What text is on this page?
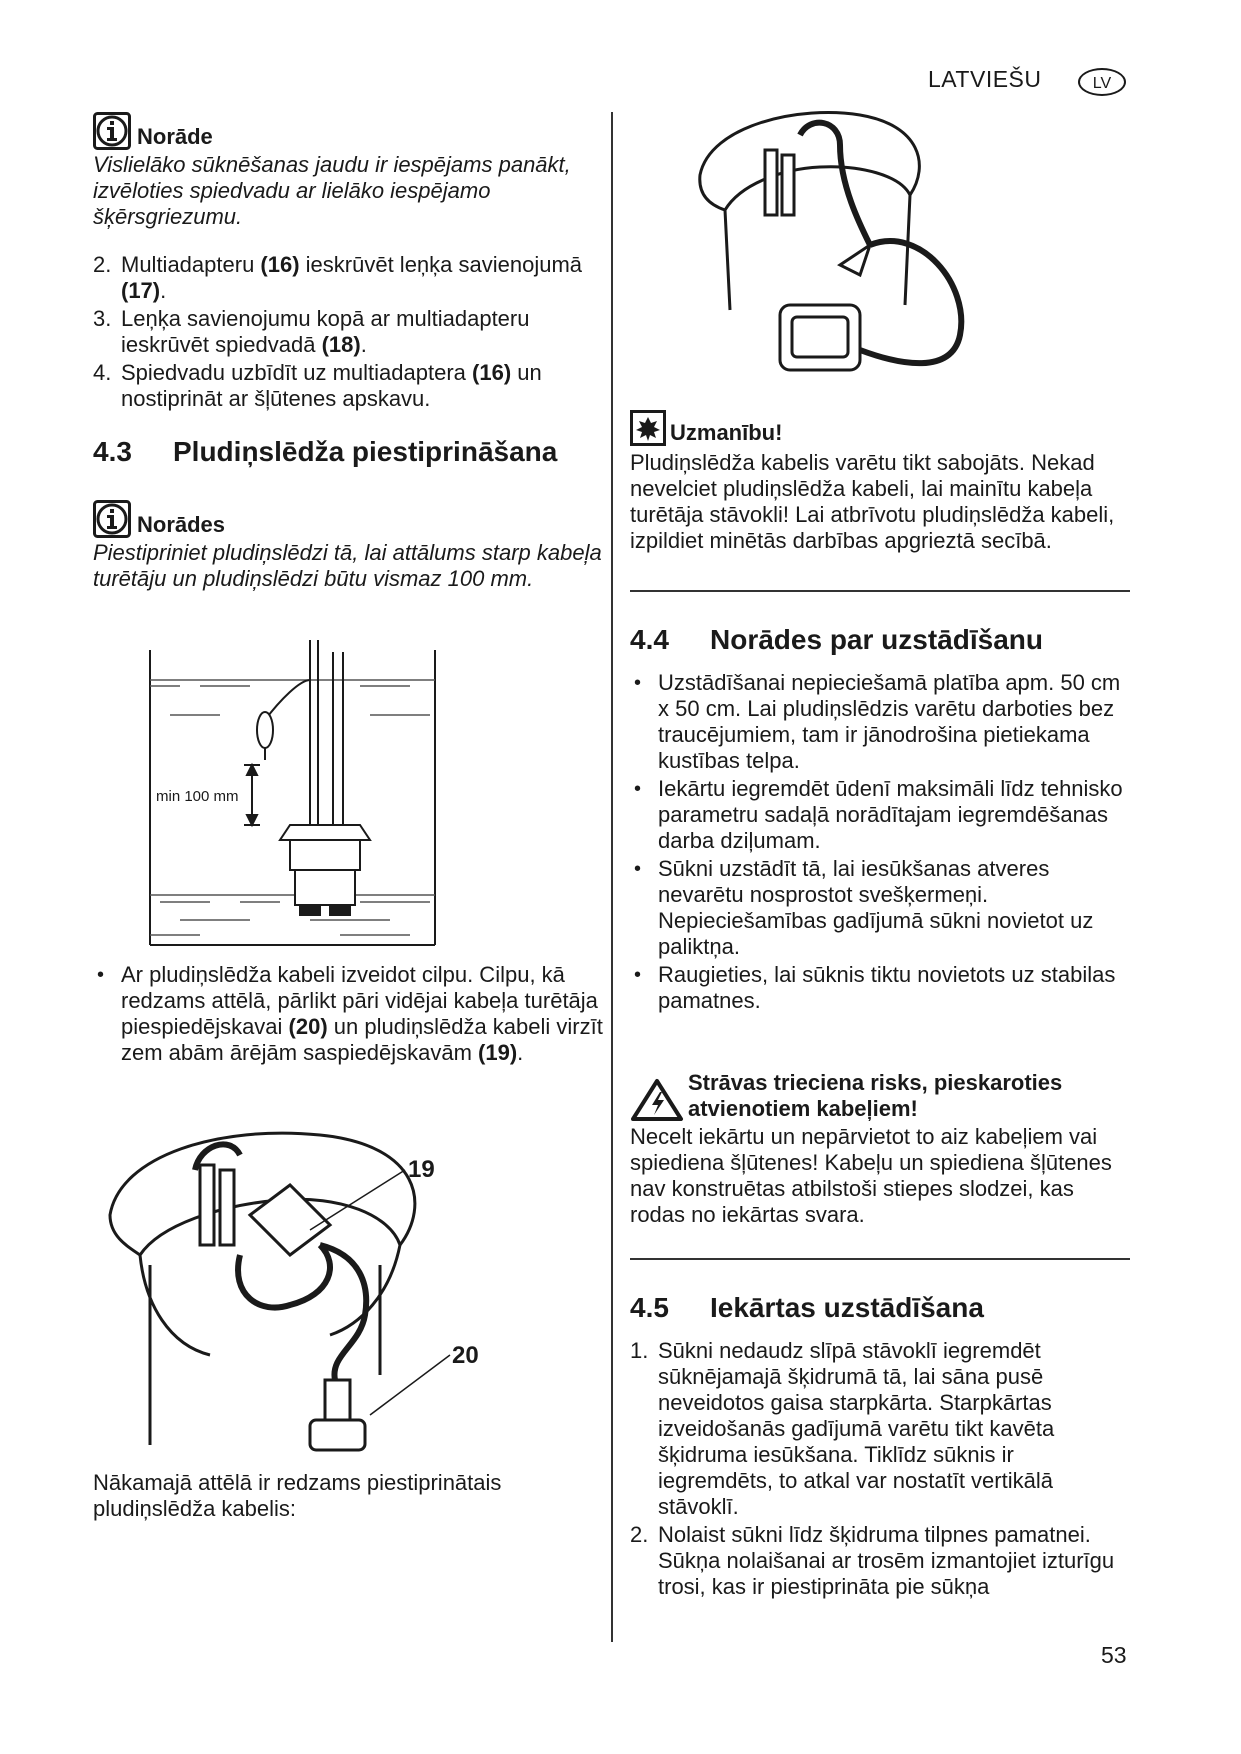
LATVIEŠU	LV
Norāde
Vislielāko sūknēšanas jaudu ir iespējams panākt, izvēloties spiedvadu ar lielāko iespējamo šķērsgriezumu.
2. Multiadapteru (16) ieskrūvēt leņķa savienojumā (17).
3. Leņķa savienojumu kopā ar multiadapteru ieskrūvēt spiedvadā (18).
4. Spiedvadu uzbīdīt uz multiadaptera (16) un nostiprināt ar šļūtenes apskavu.
4.3	Pludiņslēdža piestiprināšana
Norādes
Piestipriniet pludiņslēdzi tā, lai attālums starp kabeļa turētāju un pludiņslēdzi būtu vismaz 100 mm.
min 100 mm
• Ar pludiņslēdža kabeli izveidot cilpu. Cilpu, kā redzams attēlā, pārlikt pāri vidējai kabeļa turētāja piespiedējskavai (20) un pludiņslēdža kabeli virzīt zem abām ārējām saspiedējskavām (19).
19
20
Nākamajā attēlā ir redzams piestiprinātais pludiņslēdža kabelis:
Uzmanību!
Pludiņslēdža kabelis varētu tikt sabojāts. Nekad nevelciet pludiņslēdža kabeli, lai mainītu kabeļa turētāja stāvokli! Lai atbrīvotu pludiņslēdža kabeli, izpildiet minētās darbības apgrieztā secībā.
4.4	Norādes par uzstādīšanu
• Uzstādīšanai nepieciešamā platība apm. 50 cm x 50 cm. Lai pludiņslēdzis varētu darboties bez traucējumiem, tam ir jānodrošina pietiekama kustības telpa.
• Iekārtu iegremdēt ūdenī maksimāli līdz tehnisko parametru sadaļā norādītajam iegremdēšanas darba dziļumam.
• Sūkni uzstādīt tā, lai iesūkšanas atveres nevarētu nosprostot svešķermeņi. Nepieciešamības gadījumā sūkni novietot uz paliktņa.
• Raugieties, lai sūknis tiktu novietots uz stabilas pamatnes.
Strāvas trieciena risks, pieskaroties atvienotiem kabeļiem!
Necelt iekārtu un nepārvietot to aiz kabeļiem vai spiediena šļūtenes! Kabeļu un spiediena šļūtenes nav konstruētas atbilstoši stiepes slodzei, kas rodas no iekārtas svara.
4.5	Iekārtas uzstādīšana
1. Sūkni nedaudz slīpā stāvoklī iegremdēt sūknējamajā šķidrumā tā, lai sāna pusē neveidotos gaisa starpkārta. Starpkārtas izveidošanās gadījumā varētu tikt kavēta šķidruma iesūkšana. Tiklīdz sūknis ir iegremdēts, to atkal var nostatīt vertikālā stāvoklī.
2. Nolaist sūkni līdz šķidruma tilpnes pamatnei. Sūkņa nolaišanai ar trosēm izmantojiet izturīgu trosi, kas ir piestiprināta pie sūkņa
53
